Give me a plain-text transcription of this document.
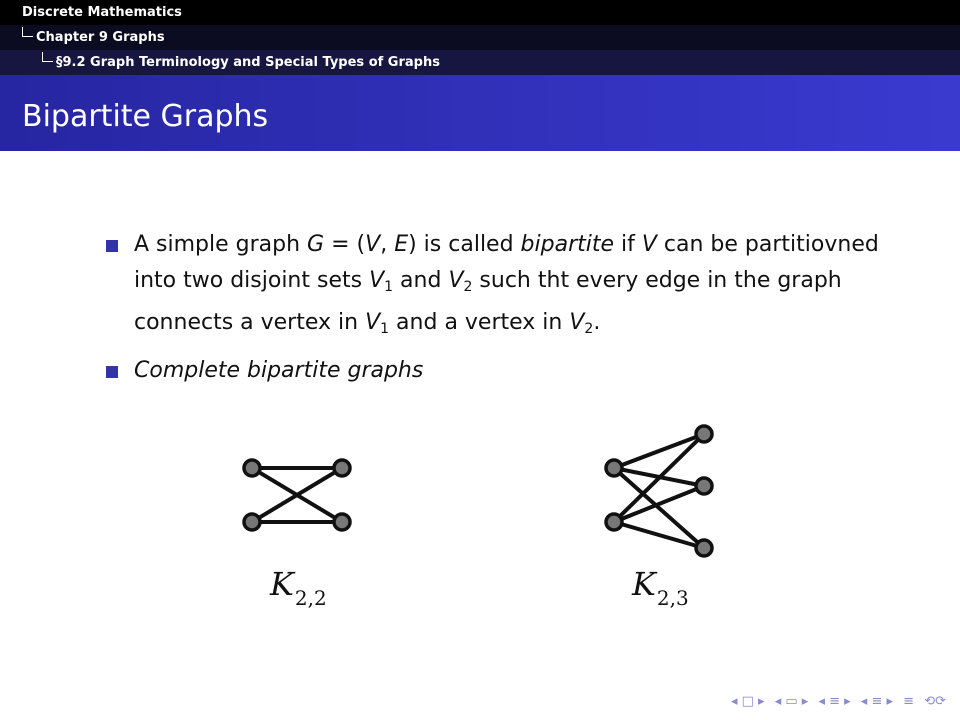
Discrete Mathematics
Chapter 9 Graphs
§9.2 Graph Terminology and Special Types of Graphs
Bipartite Graphs
A simple graph G = (V, E) is called bipartite if V can be partitiovned into two disjoint sets V1 and V2 such tht every edge in the graph connects a vertex in V1 and a vertex in V2.
Complete bipartite graphs
$K_{2,2}$	$K_{2,3}$
◂ □ ▸ ◂ ▭ ▸ ◂ ≡ ▸ ◂ ≡ ▸ ≡ ⟲⟳
